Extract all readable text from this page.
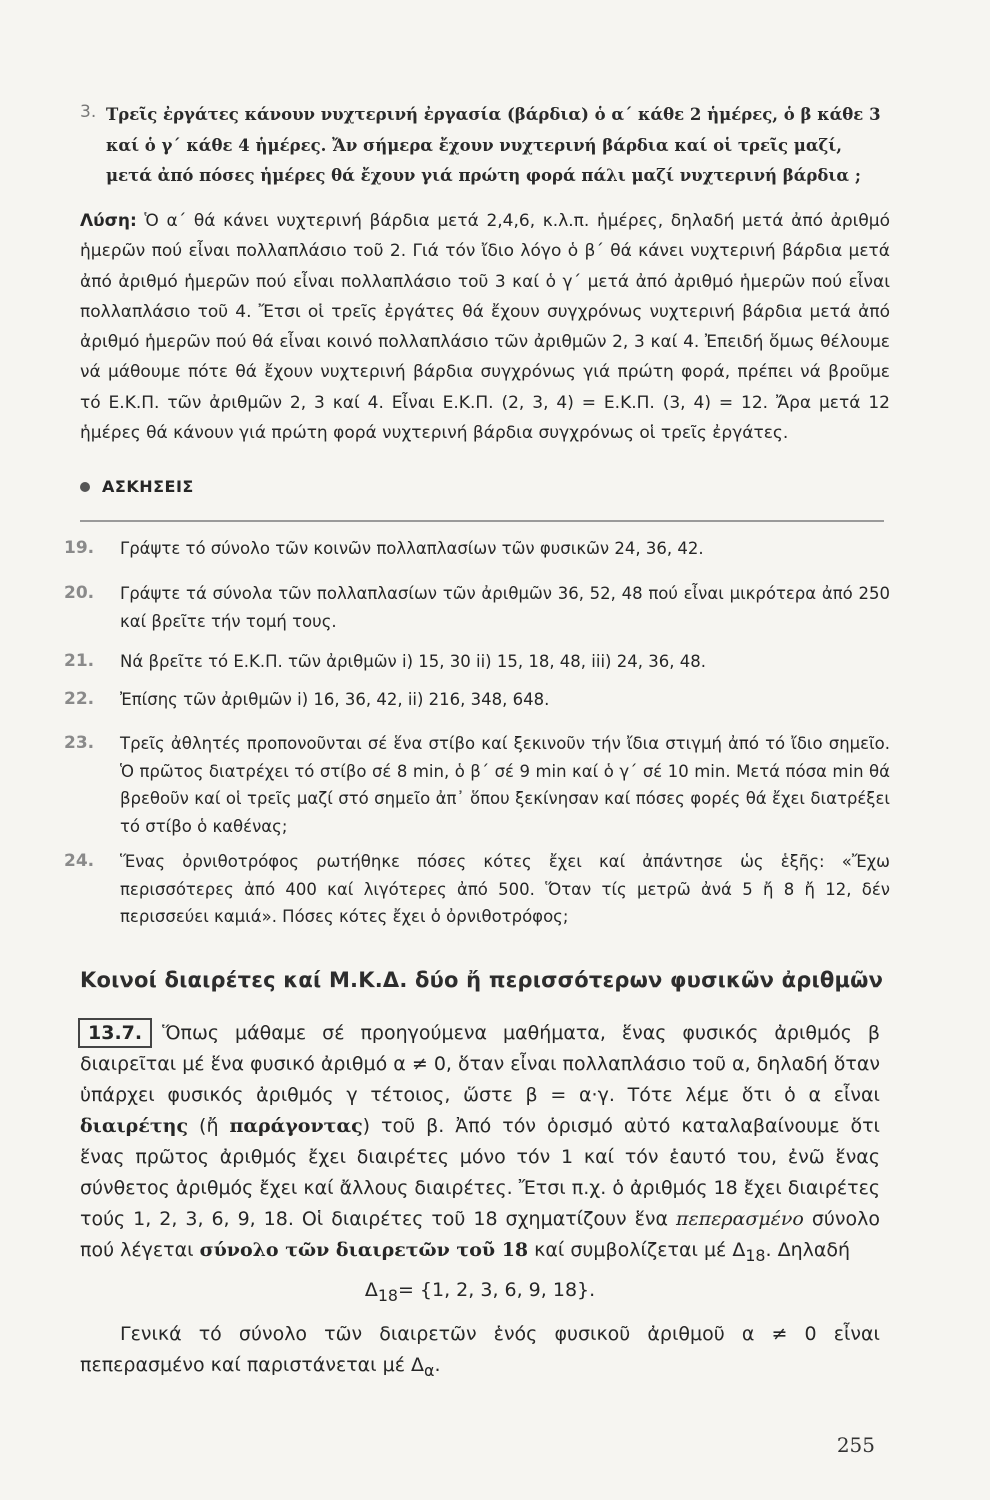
3. Τρεῖς ἐργάτες κάνουν νυχτερινή ἐργασία (βάρδια) ὁ α΄ κάθε 2 ἡμέρες, ὁ β κάθε 3 καί ὁ γ΄ κάθε 4 ἡμέρες. Ἄν σήμερα ἔχουν νυχτερινή βάρδια καί οἱ τρεῖς μαζί, μετά ἀπό πόσες ἡμέρες θά ἔχουν γιά πρώτη φορά πάλι μαζί νυχτερινή βάρδια ;

Λύση: Ὁ α΄ θά κάνει νυχτερινή βάρδια μετά 2,4,6, κ.λ.π. ἡμέρες, δηλαδή μετά ἀπό ἀριθμό ἡμερῶν πού εἶναι πολλαπλάσιο τοῦ 2. Γιά τόν ἴδιο λόγο ὁ β΄ θά κάνει νυχτερινή βάρδια μετά ἀπό ἀριθμό ἡμερῶν πού εἶναι πολλαπλάσιο τοῦ 3 καί ὁ γ΄ μετά ἀπό ἀριθμό ἡμερῶν πού εἶναι πολλαπλάσιο τοῦ 4. Ἔτσι οἱ τρεῖς ἐργάτες θά ἔχουν συγχρόνως νυχτερινή βάρδια μετά ἀπό ἀριθμό ἡμερῶν πού θά εἶναι κοινό πολλαπλάσιο τῶν ἀριθμῶν 2, 3 καί 4. Ἐπειδή ὅμως θέλουμε νά μάθουμε πότε θά ἔχουν νυχτερινή βάρδια συγχρόνως γιά πρώτη φορά, πρέπει νά βροῦμε τό Ε.Κ.Π. τῶν ἀριθμῶν 2, 3 καί 4. Εἶναι Ε.Κ.Π. (2, 3, 4) = Ε.Κ.Π. (3, 4) = 12. Ἄρα μετά 12 ἡμέρες θά κάνουν γιά πρώτη φορά νυχτερινή βάρδια συγχρόνως οἱ τρεῖς ἐργάτες.

ΑΣΚΗΣΕΙΣ
19.	Γράψτε τό σύνολο τῶν κοινῶν πολλαπλασίων τῶν φυσικῶν 24, 36, 42.

20.	Γράψτε τά σύνολα τῶν πολλαπλασίων τῶν ἀριθμῶν 36, 52, 48 πού εἶναι μικρότερα ἀπό 250 καί βρεῖτε τήν τομή τους.

21.	Νά βρεῖτε τό Ε.Κ.Π. τῶν ἀριθμῶν i) 15, 30 ii) 15, 18, 48, iii) 24, 36, 48.

22.	Ἐπίσης τῶν ἀριθμῶν i) 16, 36, 42, ii) 216, 348, 648.

23.	Τρεῖς ἀθλητές προπονοῦνται σέ ἕνα στίβο καί ξεκινοῦν τήν ἴδια στιγμή ἀπό τό ἴδιο σημεῖο. Ὁ πρῶτος διατρέχει τό στίβο σέ 8 min, ὁ β΄ σέ 9 min καί ὁ γ΄ σέ 10 min. Μετά πόσα min θά βρεθοῦν καί οἱ τρεῖς μαζί στό σημεῖο ἀπ᾽ ὅπου ξεκίνησαν καί πόσες φορές θά ἔχει διατρέξει τό στίβο ὁ καθένας;

24.	Ἕνας ὀρνιθοτρόφος ρωτήθηκε πόσες κότες ἔχει καί ἀπάντησε ὡς ἑξῆς: «Ἔχω περισσότερες ἀπό 400 καί λιγότερες ἀπό 500. Ὅταν τίς μετρῶ ἀνά 5 ἤ 8 ἤ 12, δέν περισσεύει καμιά». Πόσες κότες ἔχει ὁ ὀρνιθοτρόφος;

Κοινοί διαιρέτες καί Μ.Κ.Δ. δύο ἤ περισσότερων φυσικῶν ἀριθμῶν

13.7. Ὅπως μάθαμε σέ προηγούμενα μαθήματα, ἕνας φυσικός ἀριθμός β διαιρεῖται μέ ἕνα φυσικό ἀριθμό α ≠ 0, ὅταν εἶναι πολλαπλάσιο τοῦ α, δηλαδή ὅταν ὑπάρχει φυσικός ἀριθμός γ τέτοιος, ὥστε β = α·γ. Τότε λέμε ὅτι ὁ α εἶναι διαιρέτης (ἤ παράγοντας) τοῦ β. Ἀπό τόν ὁρισμό αὐτό καταλαβαίνουμε ὅτι ἕνας πρῶτος ἀριθμός ἔχει διαιρέτες μόνο τόν 1 καί τόν ἑαυτό του, ἐνῶ ἕνας σύνθετος ἀριθμός ἔχει καί ἄλλους διαιρέτες. Ἔτσι π.χ. ὁ ἀριθμός 18 ἔχει διαιρέτες τούς 1, 2, 3, 6, 9, 18. Οἱ διαιρέτες τοῦ 18 σχηματίζουν ἕνα πεπερασμένο σύνολο πού λέγεται σύνολο τῶν διαιρετῶν τοῦ 18 καί συμβολίζεται μέ $\Delta_{18}$. Δηλαδή

$\Delta_{18}= \{1$, 2, 3, 6, 9, 18}.

Γενικά τό σύνολο τῶν διαιρετῶν ἑνός φυσικοῦ ἀριθμοῦ α ≠ 0 εἶναι πεπερασμένο καί παριστάνεται μέ $\Delta_\alpha$.

255
